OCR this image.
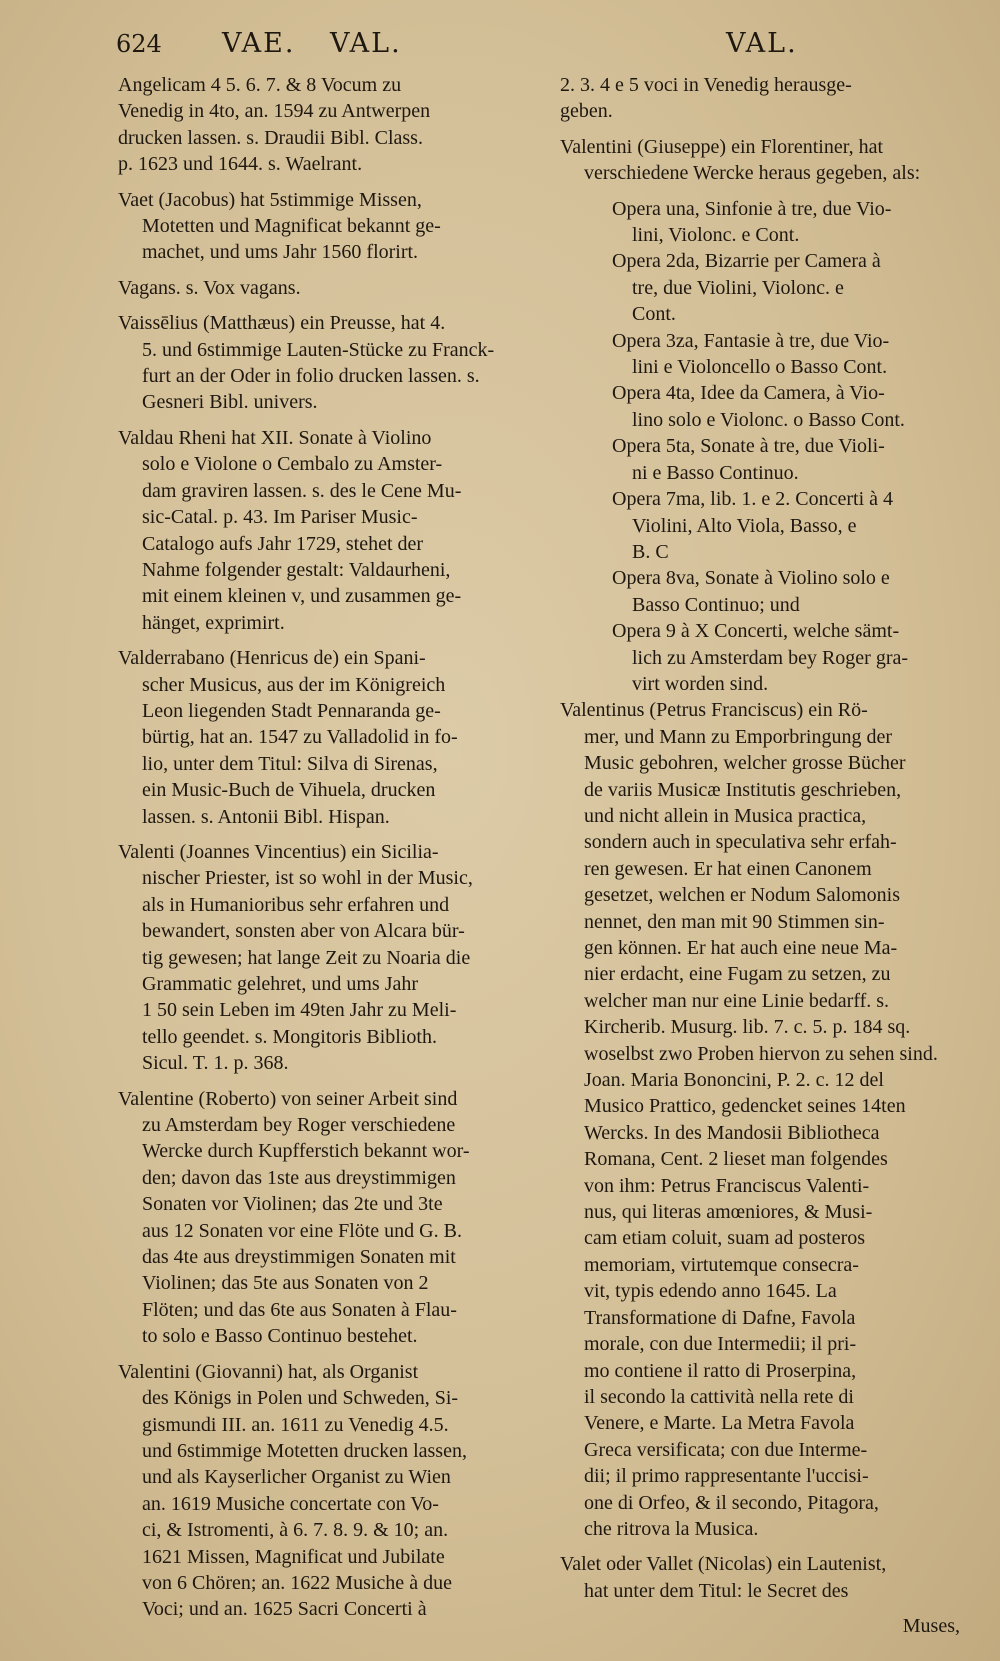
624 VAE. VAL.	VAL.
Angelicam 4 5. 6. 7. & 8 Vocum zu
Venedig in 4to, an. 1594 zu Antwerpen
drucken lassen. s. Draudii Bibl. Class.
p. 1623 und 1644. s. Waelrant.
Vaet (Jacobus) hat 5stimmige Missen,
Motetten und Magnificat bekannt ge-
machet, und ums Jahr 1560 florirt.
Vagans. s. Vox vagans.
Vaissēlius (Matthæus) ein Preusse, hat 4.
5. und 6stimmige Lauten-Stücke zu Franck-
furt an der Oder in folio drucken lassen. s.
Gesneri Bibl. univers.
Valdau Rheni hat XII. Sonate à Violino
solo e Violone o Cembalo zu Amster-
dam graviren lassen. s. des le Cene Mu-
sic-Catal. p. 43. Im Pariser Music-
Catalogo aufs Jahr 1729, stehet der
Nahme folgender gestalt: Valdaurheni,
mit einem kleinen v, und zusammen ge-
hänget, exprimirt.
Valderrabano (Henricus de) ein Spani-
scher Musicus, aus der im Königreich
Leon liegenden Stadt Pennaranda ge-
bürtig, hat an. 1547 zu Valladolid in fo-
lio, unter dem Titul: Silva di Sirenas,
ein Music-Buch de Vihuela, drucken
lassen. s. Antonii Bibl. Hispan.
Valenti (Joannes Vincentius) ein Sicilia-
nischer Priester, ist so wohl in der Music,
als in Humanioribus sehr erfahren und
bewandert, sonsten aber von Alcara bür-
tig gewesen; hat lange Zeit zu Noaria die
Grammatic gelehret, und ums Jahr
1 50 sein Leben im 49ten Jahr zu Meli-
tello geendet. s. Mongitoris Biblioth.
Sicul. T. 1. p. 368.
Valentine (Roberto) von seiner Arbeit sind
zu Amsterdam bey Roger verschiedene
Wercke durch Kupfferstich bekannt wor-
den; davon das 1ste aus dreystimmigen
Sonaten vor Violinen; das 2te und 3te
aus 12 Sonaten vor eine Flöte und G. B.
das 4te aus dreystimmigen Sonaten mit
Violinen; das 5te aus Sonaten von 2
Flöten; und das 6te aus Sonaten à Flau-
to solo e Basso Continuo bestehet.
Valentini (Giovanni) hat, als Organist
des Königs in Polen und Schweden, Si-
gismundi III. an. 1611 zu Venedig 4.5.
und 6stimmige Motetten drucken lassen,
und als Kayserlicher Organist zu Wien
an. 1619 Musiche concertate con Vo-
ci, & Istromenti, à 6. 7. 8. 9. & 10; an.
1621 Missen, Magnificat und Jubilate
von 6 Chören; an. 1622 Musiche à due
Voci; und an. 1625 Sacri Concerti à
2. 3. 4 e 5 voci in Venedig herausge-
geben.
Valentini (Giuseppe) ein Florentiner, hat
verschiedene Wercke heraus gegeben, als:
Opera una, Sinfonie à tre, due Vio-
lini, Violonc. e Cont.
Opera 2da, Bizarrie per Camera à
tre, due Violini, Violonc. e
Cont.
Opera 3za, Fantasie à tre, due Vio-
lini e Violoncello o Basso Cont.
Opera 4ta, Idee da Camera, à Vio-
lino solo e Violonc. o Basso Cont.
Opera 5ta, Sonate à tre, due Violi-
ni e Basso Continuo.
Opera 7ma, lib. 1. e 2. Concerti à 4
Violini, Alto Viola, Basso, e
B. C
Opera 8va, Sonate à Violino solo e
Basso Continuo; und
Opera 9 à X Concerti, welche sämt-
lich zu Amsterdam bey Roger gra-
virt worden sind.
Valentinus (Petrus Franciscus) ein Rö-
mer, und Mann zu Emporbringung der
Music gebohren, welcher grosse Bücher
de variis Musicæ Institutis geschrieben,
und nicht allein in Musica practica,
sondern auch in speculativa sehr erfah-
ren gewesen. Er hat einen Canonem
gesetzet, welchen er Nodum Salomonis
nennet, den man mit 90 Stimmen sin-
gen können. Er hat auch eine neue Ma-
nier erdacht, eine Fugam zu setzen, zu
welcher man nur eine Linie bedarff. s.
Kircherib. Musurg. lib. 7. c. 5. p. 184 sq.
woselbst zwo Proben hiervon zu sehen sind.
Joan. Maria Bononcini, P. 2. c. 12 del
Musico Prattico, gedencket seines 14ten
Wercks. In des Mandosii Bibliotheca
Romana, Cent. 2 lieset man folgendes
von ihm: Petrus Franciscus Valenti-
nus, qui literas amœniores, & Musi-
cam etiam coluit, suam ad posteros
memoriam, virtutemque consecra-
vit, typis edendo anno 1645. La
Transformatione di Dafne, Favola
morale, con due Intermedii; il pri-
mo contiene il ratto di Proserpina,
il secondo la cattività nella rete di
Venere, e Marte. La Metra Favola
Greca versificata; con due Interme-
dii; il primo rappresentante l'uccisi-
one di Orfeo, & il secondo, Pitagora,
che ritrova la Musica.
Valet oder Vallet (Nicolas) ein Lautenist,
hat unter dem Titul: le Secret des
Muses,
